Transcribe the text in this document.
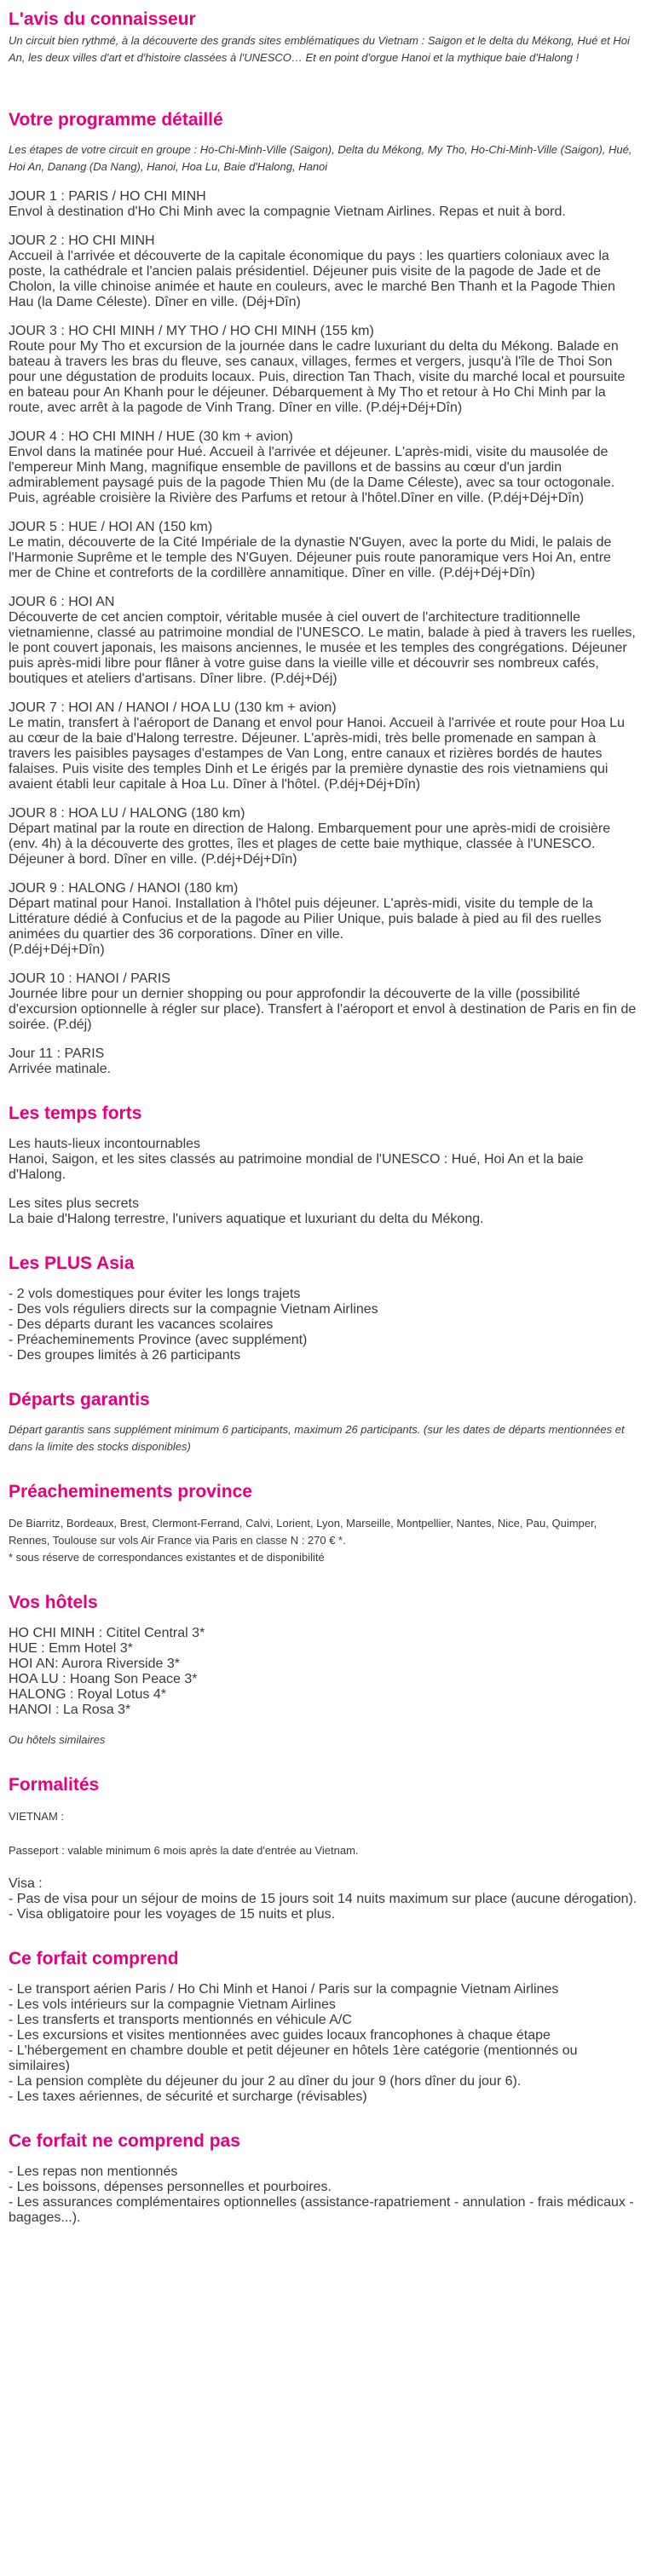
L'avis du connaisseur

Un circuit bien rythmé, à la découverte des grands sites emblématiques du Vietnam : Saigon et le delta du Mékong, Hué et Hoi An, les deux villes d'art et d'histoire classées à l'UNESCO… Et en point d'orgue Hanoi et la mythique baie d'Halong !

Votre programme détaillé

Les étapes de votre circuit en groupe : Ho-Chi-Minh-Ville (Saigon), Delta du Mékong, My Tho, Ho-Chi-Minh-Ville (Saigon), Hué, Hoi An, Danang (Da Nang), Hanoi, Hoa Lu, Baie d'Halong, Hanoi

JOUR 1 : PARIS / HO CHI MINH
Envol à destination d'Ho Chi Minh avec la compagnie Vietnam Airlines. Repas et nuit à bord.
JOUR 2 : HO CHI MINH
Accueil à l'arrivée et découverte de la capitale économique du pays : les quartiers coloniaux avec la poste, la cathédrale et l'ancien palais présidentiel. Déjeuner puis visite de la pagode de Jade et de Cholon, la ville chinoise animée et haute en couleurs, avec le marché Ben Thanh et la Pagode Thien Hau (la Dame Céleste). Dîner en ville. (Déj+Dîn)
JOUR 3 : HO CHI MINH / MY THO / HO CHI MINH (155 km)
Route pour My Tho et excursion de la journée dans le cadre luxuriant du delta du Mékong. Balade en bateau à travers les bras du fleuve, ses canaux, villages, fermes et vergers, jusqu'à l'île de Thoi Son pour une dégustation de produits locaux. Puis, direction Tan Thach, visite du marché local et poursuite en bateau pour An Khanh pour le déjeuner. Débarquement à My Tho et retour à Ho Chi Minh par la route, avec arrêt à la pagode de Vinh Trang. Dîner en ville. (P.déj+Déj+Dîn)
JOUR 4 : HO CHI MINH / HUE (30 km + avion)
Envol dans la matinée pour Hué. Accueil à l'arrivée et déjeuner. L'après-midi, visite du mausolée de l'empereur Minh Mang, magnifique ensemble de pavillons et de bassins au cœur d'un jardin admirablement paysagé puis de la pagode Thien Mu (de la Dame Céleste), avec sa tour octogonale. Puis, agréable croisière la Rivière des Parfums et retour à l'hôtel.Dîner en ville. (P.déj+Déj+Dîn)
JOUR 5 : HUE / HOI AN (150 km)
Le matin, découverte de la Cité Impériale de la dynastie N'Guyen, avec la porte du Midi, le palais de l'Harmonie Suprême et le temple des N'Guyen. Déjeuner puis route panoramique vers Hoi An, entre mer de Chine et contreforts de la cordillère annamitique. Dîner en ville. (P.déj+Déj+Dîn)
JOUR 6 : HOI AN
Découverte de cet ancien comptoir, véritable musée à ciel ouvert de l'architecture traditionnelle vietnamienne, classé au patrimoine mondial de l'UNESCO. Le matin, balade à pied à travers les ruelles, le pont couvert japonais, les maisons anciennes, le musée et les temples des congrégations. Déjeuner puis après-midi libre pour flâner à votre guise dans la vieille ville et découvrir ses nombreux cafés, boutiques et ateliers d'artisans. Dîner libre. (P.déj+Déj)
JOUR 7 : HOI AN / HANOI / HOA LU (130 km + avion)
Le matin, transfert à l'aéroport de Danang et envol pour Hanoi. Accueil à l'arrivée et route pour Hoa Lu au cœur de la baie d'Halong terrestre. Déjeuner. L'après-midi, très belle promenade en sampan à travers les paisibles paysages d'estampes de Van Long, entre canaux et rizières bordés de hautes falaises. Puis visite des temples Dinh et Le érigés par la première dynastie des rois vietnamiens qui avaient établi leur capitale à Hoa Lu. Dîner à l'hôtel. (P.déj+Déj+Dîn)
JOUR 8 : HOA LU / HALONG (180 km)
Départ matinal par la route en direction de Halong. Embarquement pour une après-midi de croisière (env. 4h) à la découverte des grottes, îles et plages de cette baie mythique, classée à l'UNESCO. Déjeuner à bord. Dîner en ville. (P.déj+Déj+Dîn)
JOUR 9 : HALONG / HANOI (180 km)
Départ matinal pour Hanoi. Installation à l'hôtel puis déjeuner. L'après-midi, visite du temple de la Littérature dédié à Confucius et de la pagode au Pilier Unique, puis balade à pied au fil des ruelles animées du quartier des 36 corporations. Dîner en ville.
(P.déj+Déj+Dîn)
JOUR 10 : HANOI / PARIS
Journée libre pour un dernier shopping ou pour approfondir la découverte de la ville (possibilité d'excursion optionnelle à régler sur place). Transfert à l'aéroport et envol à destination de Paris en fin de soirée. (P.déj)
Jour 11 : PARIS
Arrivée matinale.
Les temps forts
Les hauts-lieux incontournables
Hanoi, Saigon, et les sites classés au patrimoine mondial de l'UNESCO : Hué, Hoi An et la baie d'Halong.
Les sites plus secrets
La baie d'Halong terrestre, l'univers aquatique et luxuriant du delta du Mékong.
Les PLUS Asia
- 2 vols domestiques pour éviter les longs trajets
- Des vols réguliers directs sur la compagnie Vietnam Airlines
- Des départs durant les vacances scolaires
- Préacheminements Province (avec supplément)
- Des groupes limités à 26 participants
Départs garantis

Départ garantis sans supplément minimum 6 participants, maximum 26 participants. (sur les dates de départs mentionnées et dans la limite des stocks disponibles)

Préacheminements province
De Biarritz, Bordeaux, Brest, Clermont-Ferrand, Calvi, Lorient, Lyon, Marseille, Montpellier, Nantes, Nice, Pau, Quimper, Rennes, Toulouse sur vols Air France via Paris en classe N : 270 € *.
* sous réserve de correspondances existantes et de disponibilité
Vos hôtels
HO CHI MINH : Cititel Central 3*
HUE : Emm Hotel 3*
HOI AN: Aurora Riverside 3*
HOA LU : Hoang Son Peace 3*
HALONG : Royal Lotus 4*
HANOI : La Rosa 3*

Ou hôtels similaires

Formalités

VIETNAM :

Passeport : valable minimum 6 mois après la date d'entrée au Vietnam.

Visa :
- Pas de visa pour un séjour de moins de 15 jours soit 14 nuits maximum sur place (aucune dérogation).
- Visa obligatoire pour les voyages de 15 nuits et plus.
Ce forfait comprend
- Le transport aérien Paris / Ho Chi Minh et Hanoi / Paris sur la compagnie Vietnam Airlines
- Les vols intérieurs sur la compagnie Vietnam Airlines
- Les transferts et transports mentionnés en véhicule A/C
- Les excursions et visites mentionnées avec guides locaux francophones à chaque étape
- L'hébergement en chambre double et petit déjeuner en hôtels 1ère catégorie (mentionnés ou similaires)
- La pension complète du déjeuner du jour 2 au dîner du jour 9 (hors dîner du jour 6).
- Les taxes aériennes, de sécurité et surcharge (révisables)
Ce forfait ne comprend pas
- Les repas non mentionnés
- Les boissons, dépenses personnelles et pourboires.
- Les assurances complémentaires optionnelles (assistance-rapatriement - annulation - frais médicaux - bagages...).
